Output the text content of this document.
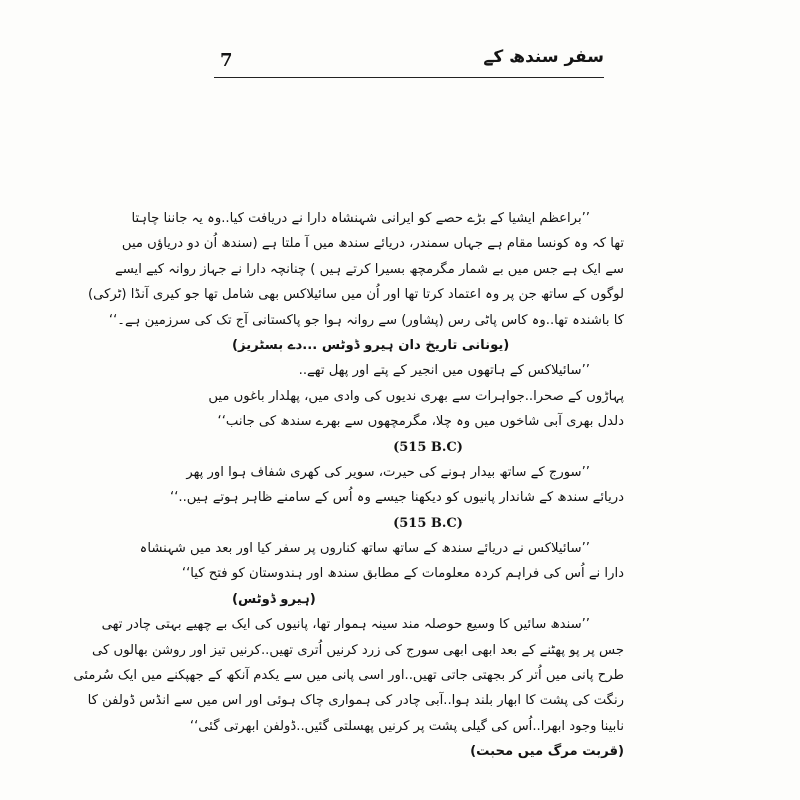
7	سفر سندھ کے
’’براعظم ایشیا کے بڑے حصے کو ایرانی شہنشاہ دارا نے دریافت کیا..وہ یہ جاننا چاہتا
تھا کہ وہ کونسا مقام ہے جہاں سمندر، دریائے سندھ میں آ ملتا ہے (سندھ اُن دو دریاؤں میں
سے ایک ہے جس میں بے شمار مگرمچھ بسیرا کرتے ہیں ) چنانچہ دارا نے جہاز روانہ کیے ایسے
لوگوں کے ساتھ جن پر وہ اعتماد کرتا تھا اور اُن میں سائیلاکس بھی شامل تھا جو کیری آنڈا (ٹرکی)
کا باشندہ تھا..وہ کاس پاٹی رس (پشاور) سے روانہ ہوا جو پاکستانی آج تک کی سرزمین ہے۔‘‘
(یونانی تاریخ دان ہیرو ڈوٹس ...دے بسٹریز)
’’سائیلاکس کے ہاتھوں میں انجیر کے پتے اور پھل تھے..
پہاڑوں کے صحرا..جواہرات سے بھری ندیوں کی وادی میں، پھلدار باغوں میں
دلدل بھری آبی شاخوں میں وہ چلا، مگرمچھوں سے بھرے سندھ کی جانب‘‘
(515 B.C)
’’سورج کے ساتھ بیدار ہونے کی حیرت، سویر کی کھری شفاف ہوا اور پھر
دریائے سندھ کے شاندار پانیوں کو دیکھنا جیسے وہ اُس کے سامنے ظاہر ہوتے ہیں..‘‘
(515 B.C)
’’سائیلاکس نے دریائے سندھ کے ساتھ ساتھ کناروں پر سفر کیا اور بعد میں شہنشاہ
دارا نے اُس کی فراہم کردہ معلومات کے مطابق سندھ اور ہندوستان کو فتح کیا‘‘
(ہیرو ڈوٹس)
’’سندھ سائیں کا وسیع حوصلہ مند سینہ ہموار تھا، پانیوں کی ایک بے چھیے بہتی چادر تھی
جس پر پو پھٹنے کے بعد ابھی ابھی سورج کی زرد کرنیں اُتری تھیں..کرنیں تیز اور روشن بھالوں کی
طرح پانی میں اُتر کر بجھتی جاتی تھیں..اور اسی پانی میں سے یکدم آنکھ کے جھپکنے میں ایک سُرمئی
رنگت کی پشت کا ابھار بلند ہوا..آبی چادر کی ہمواری چاک ہوئی اور اس میں سے انڈس ڈولفن کا
نابینا وجود ابھرا..اُس کی گیلی پشت پر کرنیں پھسلتی گئیں..ڈولفن ابھرتی گئی‘‘
(قربت مرگ میں محبت)
